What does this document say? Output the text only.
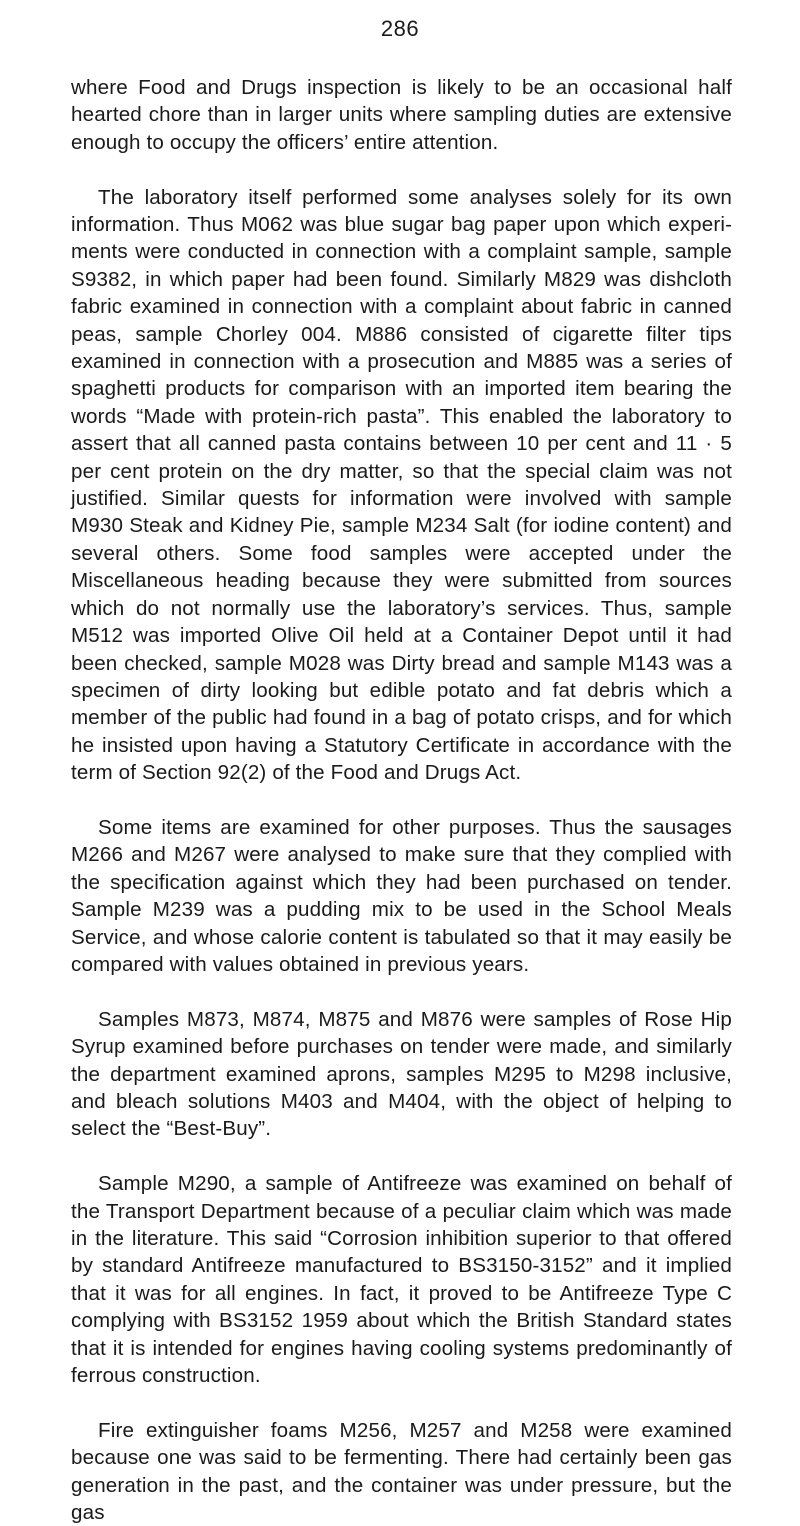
286

where Food and Drugs inspection is likely to be an occasional half hearted chore than in larger units where sampling duties are extensive enough to occupy the officers’ entire attention.

The laboratory itself performed some analyses solely for its own information. Thus M062 was blue sugar bag paper upon which experiments were conducted in connection with a complaint sample, sample S9382, in which paper had been found. Similarly M829 was dishcloth fabric examined in connection with a complaint about fabric in canned peas, sample Chorley 004. M886 consisted of cigarette filter tips examined in connection with a prosecution and M885 was a series of spaghetti products for comparison with an imported item bearing the words “Made with protein-rich pasta”. This enabled the laboratory to assert that all canned pasta contains between 10 per cent and 11 · 5 per cent protein on the dry matter, so that the special claim was not justified. Similar quests for information were involved with sample M930 Steak and Kidney Pie, sample M234 Salt (for iodine content) and several others. Some food samples were accepted under the Miscellaneous heading because they were submitted from sources which do not normally use the laboratory’s services. Thus, sample M512 was imported Olive Oil held at a Container Depot until it had been checked, sample M028 was Dirty bread and sample M143 was a specimen of dirty looking but edible potato and fat debris which a member of the public had found in a bag of potato crisps, and for which he insisted upon having a Statutory Certificate in accordance with the term of Section 92(2) of the Food and Drugs Act.

Some items are examined for other purposes. Thus the sausages M266 and M267 were analysed to make sure that they complied with the specification against which they had been purchased on tender. Sample M239 was a pudding mix to be used in the School Meals Service, and whose calorie content is tabulated so that it may easily be compared with values obtained in previous years.

Samples M873, M874, M875 and M876 were samples of Rose Hip Syrup examined before purchases on tender were made, and similarly the department examined aprons, samples M295 to M298 inclusive, and bleach solutions M403 and M404, with the object of helping to select the “Best-Buy”.

Sample M290, a sample of Antifreeze was examined on behalf of the Transport Department because of a peculiar claim which was made in the literature. This said “Corrosion inhibition superior to that offered by standard Antifreeze manufactured to BS3150-3152” and it implied that it was for all engines. In fact, it proved to be Antifreeze Type C complying with BS3152 1959 about which the British Standard states that it is intended for engines having cooling systems predominantly of ferrous construction.

Fire extinguisher foams M256, M257 and M258 were examined because one was said to be fermenting. There had certainly been gas generation in the past, and the container was under pressure, but the gas
